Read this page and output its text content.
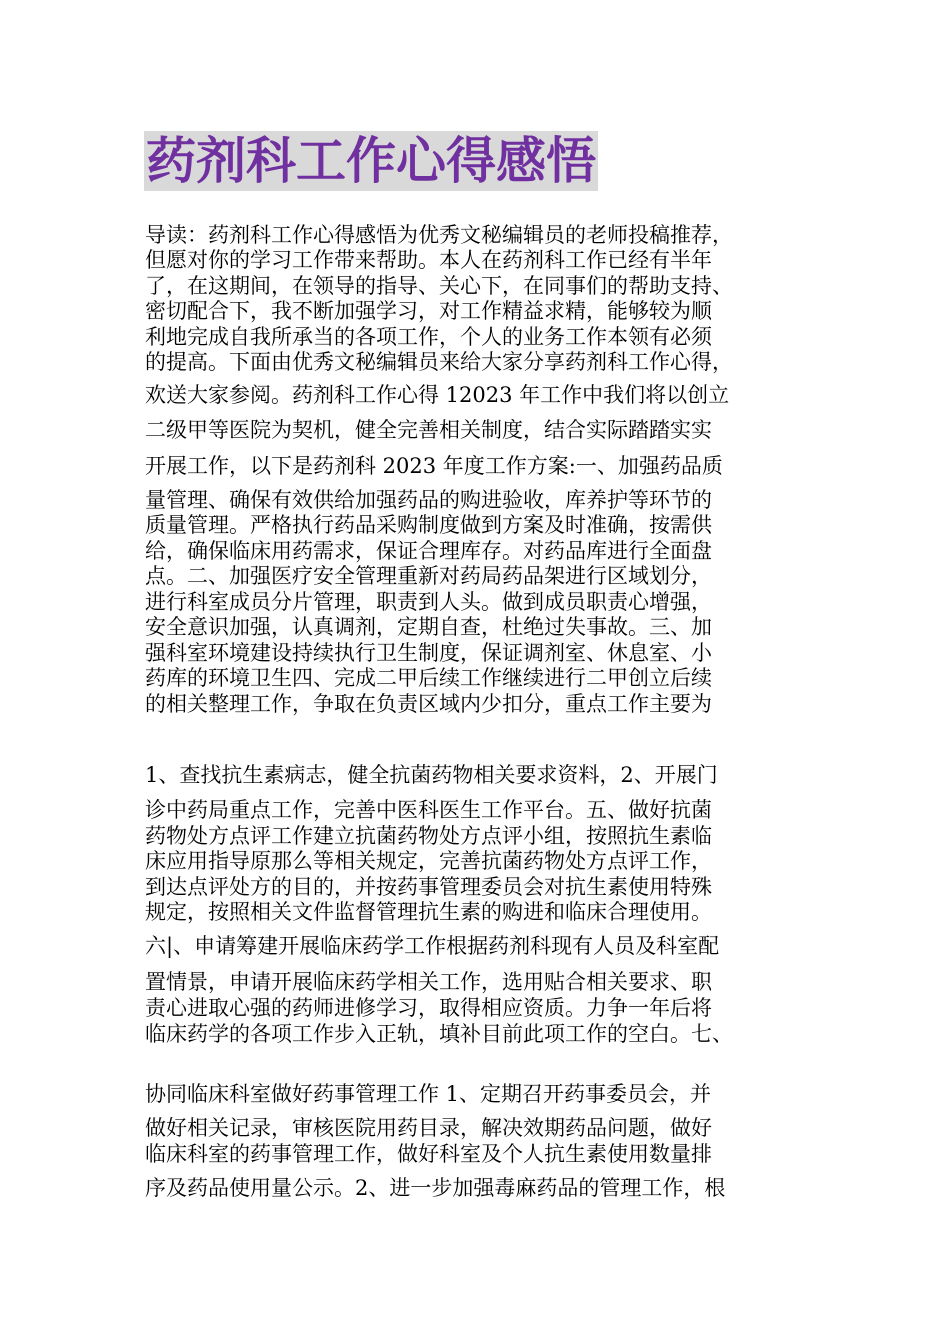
药剂科工作心得感悟
导读：药剂科工作心得感悟为优秀文秘编辑员的老师投稿推荐，
但愿对你的学习工作带来帮助。本人在药剂科工作已经有半年
了，在这期间，在领导的指导、关心下，在同事们的帮助支持、
密切配合下，我不断加强学习，对工作精益求精，能够较为顺
利地完成自我所承当的各项工作，个人的业务工作本领有必须
的提高。下面由优秀文秘编辑员来给大家分享药剂科工作心得，
欢送大家参阅。药剂科工作心得 12023 年工作中我们将以创立
二级甲等医院为契机，健全完善相关制度，结合实际踏踏实实
开展工作，以下是药剂科 2023 年度工作方案:一、加强药品质
量管理、确保有效供给加强药品的购进验收，库养护等环节的
质量管理。严格执行药品采购制度做到方案及时准确，按需供
给，确保临床用药需求，保证合理库存。对药品库进行全面盘
点。二、加强医疗安全管理重新对药局药品架进行区域划分，
进行科室成员分片管理，职责到人头。做到成员职责心增强，
安全意识加强，认真调剂，定期自查，杜绝过失事故。三、加
强科室环境建设持续执行卫生制度，保证调剂室、休息室、小
药库的环境卫生四、完成二甲后续工作继续进行二甲创立后续
的相关整理工作，争取在负责区域内少扣分，重点工作主要为
1、查找抗生素病志，健全抗菌药物相关要求资料，2、开展门
诊中药局重点工作，完善中医科医生工作平台。五、做好抗菌
药物处方点评工作建立抗菌药物处方点评小组，按照抗生素临
床应用指导原那么等相关规定，完善抗菌药物处方点评工作，
到达点评处方的目的，并按药事管理委员会对抗生素使用特殊
规定，按照相关文件监督管理抗生素的购进和临床合理使用。
六|、申请筹建开展临床药学工作根据药剂科现有人员及科室配
置情景，申请开展临床药学相关工作，选用贴合相关要求、职
责心进取心强的药师进修学习，取得相应资质。力争一年后将
临床药学的各项工作步入正轨，填补目前此项工作的空白。七、
协同临床科室做好药事管理工作 1、定期召开药事委员会，并
做好相关记录，审核医院用药目录，解决效期药品问题，做好
临床科室的药事管理工作，做好科室及个人抗生素使用数量排
序及药品使用量公示。2、进一步加强毒麻药品的管理工作，根
